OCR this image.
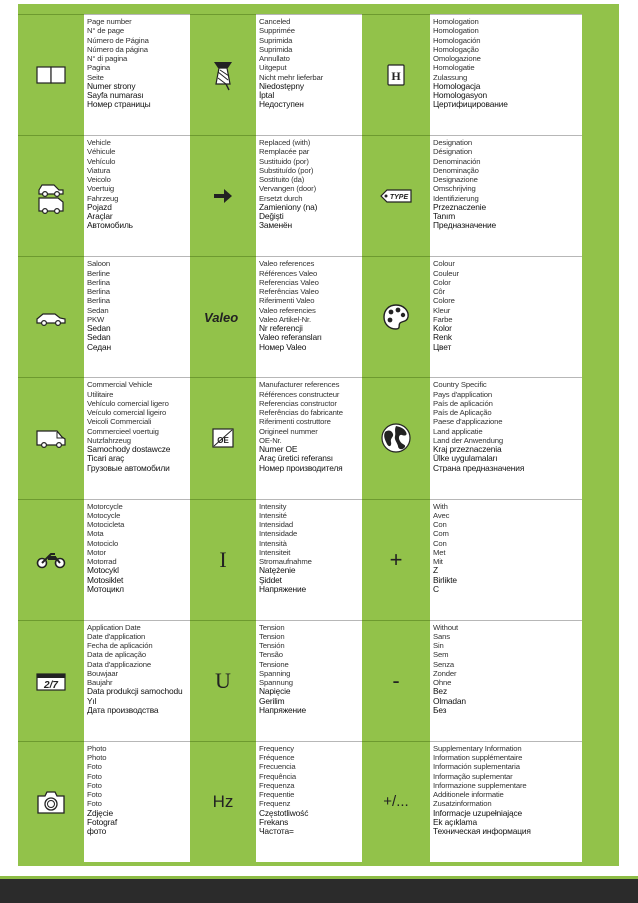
Page number
N° de page
Número de Página
Número da página
N° di pagina
Pagina
Seite
Numer strony
Sayfa numarası
Номер страницы
Canceled
Supprimée
Suprimida
Suprimida
Annullato
Uitgeput
Nicht mehr lieferbar
Niedostępny
İptal
Недоступен
H
Homologation
Homologation
Homologación
Homologação
Omologazione
Homologatie
Zulassung
Homologacja
Homologasyon
Цертифицирование
Vehicle
Véhicule
Vehículo
Viatura
Veicolo
Voertuig
Fahrzeug
Pojazd
Araçlar
Автомобиль
Replaced (with)
Remplacée par
Sustituido (por)
Substituído (por)
Sostituito (da)
Vervangen (door)
Ersetzt durch
Zamieniony (na)
Değişti
Заменён
TYPE
Designation
Désignation
Denominación
Denominação
Designazione
Omschrijving
Identifizierung
Przeznaczenie
Tanım
Предназначение
Saloon
Berline
Berlina
Berlina
Berlina
Sedan
PKW
Sedan
Sedan
Седан
Valeo
Valeo references
Références Valeo
Referencias Valeo
Referências Valeo
Riferimenti Valeo
Valeo referencies
Valeo Artikel-Nr.
Nr referencji
Valeo referansları
Номер Valeo
Colour
Couleur
Color
Côr
Colore
Kleur
Farbe
Kolor
Renk
Цвет
Commercial Vehicle
Utilitaire
Vehículo comercial ligero
Veículo comercial ligeiro
Veicoli Commerciali
Commercieel voertuig
Nutzfahrzeug
Samochody dostawcze
Ticari araç
Грузовые автомобили
OE
Manufacturer references
Références constructeur
Referencias constructor
Referências do fabricante
Riferimenti costruttore
Origineel nummer
OE-Nr.
Numer OE
Araç üretici referansı
Номер производителя
Country Specific
Pays d'application
País de aplicación
País de Aplicação
Paese d'applicazione
Land applicatie
Land der Anwendung
Kraj przeznaczenia
Ülke uygulamaları
Страна предназначения
Motorcycle
Motocycle
Motocicleta
Mota
Motociclo
Motor
Motorrad
Motocykl
Motosiklet
Мотоцикл
I
Intensity
Intensité
Intensidad
Intensidade
Intensità
Intensiteit
Stromaufnahme
Natężenie
Şiddet
Напряжение
+
With
Avec
Con
Com
Con
Met
Mit
Z
Birlikte
С
2/7
Application Date
Date d'application
Fecha de aplicación
Data de aplicação
Data d'applicazione
Bouwjaar
Baujahr
Data produkcji samochodu
Yıl
Дата производства
U
Tension
Tension
Tensión
Tensão
Tensione
Spanning
Spannung
Napięcie
Gerilim
Напряжение
-
Without
Sans
Sin
Sem
Senza
Zonder
Ohne
Bez
Olmadan
Без
Photo
Photo
Foto
Foto
Foto
Foto
Foto
Zdjęcie
Fotograf
фото
Hz
Frequency
Fréquence
Frecuencia
Frequência
Frequenza
Frequentie
Frequenz
Częstotliwość
Frekans
Частота=
+/...
Supplementary Information
Information supplémentaire
Información suplementaria
Informação suplementar
Informazione supplementare
Additionele informatie
Zusatzinformation
Informacje uzupełniające
Ek açıklama
Техническая информация
